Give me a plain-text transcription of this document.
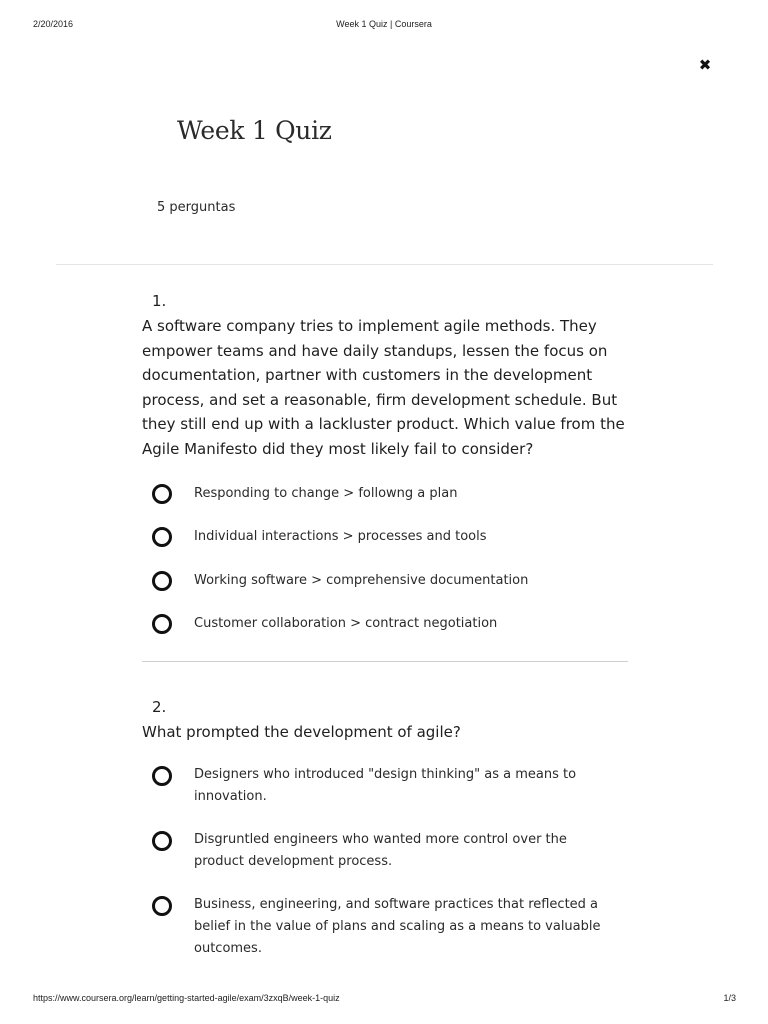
2/20/2016	Week 1 Quiz | Coursera
✖
Week 1 Quiz
5 perguntas
1.
A software company tries to implement agile methods. They empower teams and have daily standups, lessen the focus on documentation, partner with customers in the development process, and set a reasonable, firm development schedule. But they still end up with a lackluster product. Which value from the Agile Manifesto did they most likely fail to consider?
Responding to change > followng a plan
Individual interactions > processes and tools
Working software > comprehensive documentation
Customer collaboration > contract negotiation
2.
What prompted the development of agile?
Designers who introduced "design thinking" as a means to innovation.
Disgruntled engineers who wanted more control over the product development process.
Business, engineering, and software practices that reflected a belief in the value of plans and scaling as a means to valuable outcomes.
https://www.coursera.org/learn/getting-started-agile/exam/3zxqB/week-1-quiz	1/3
